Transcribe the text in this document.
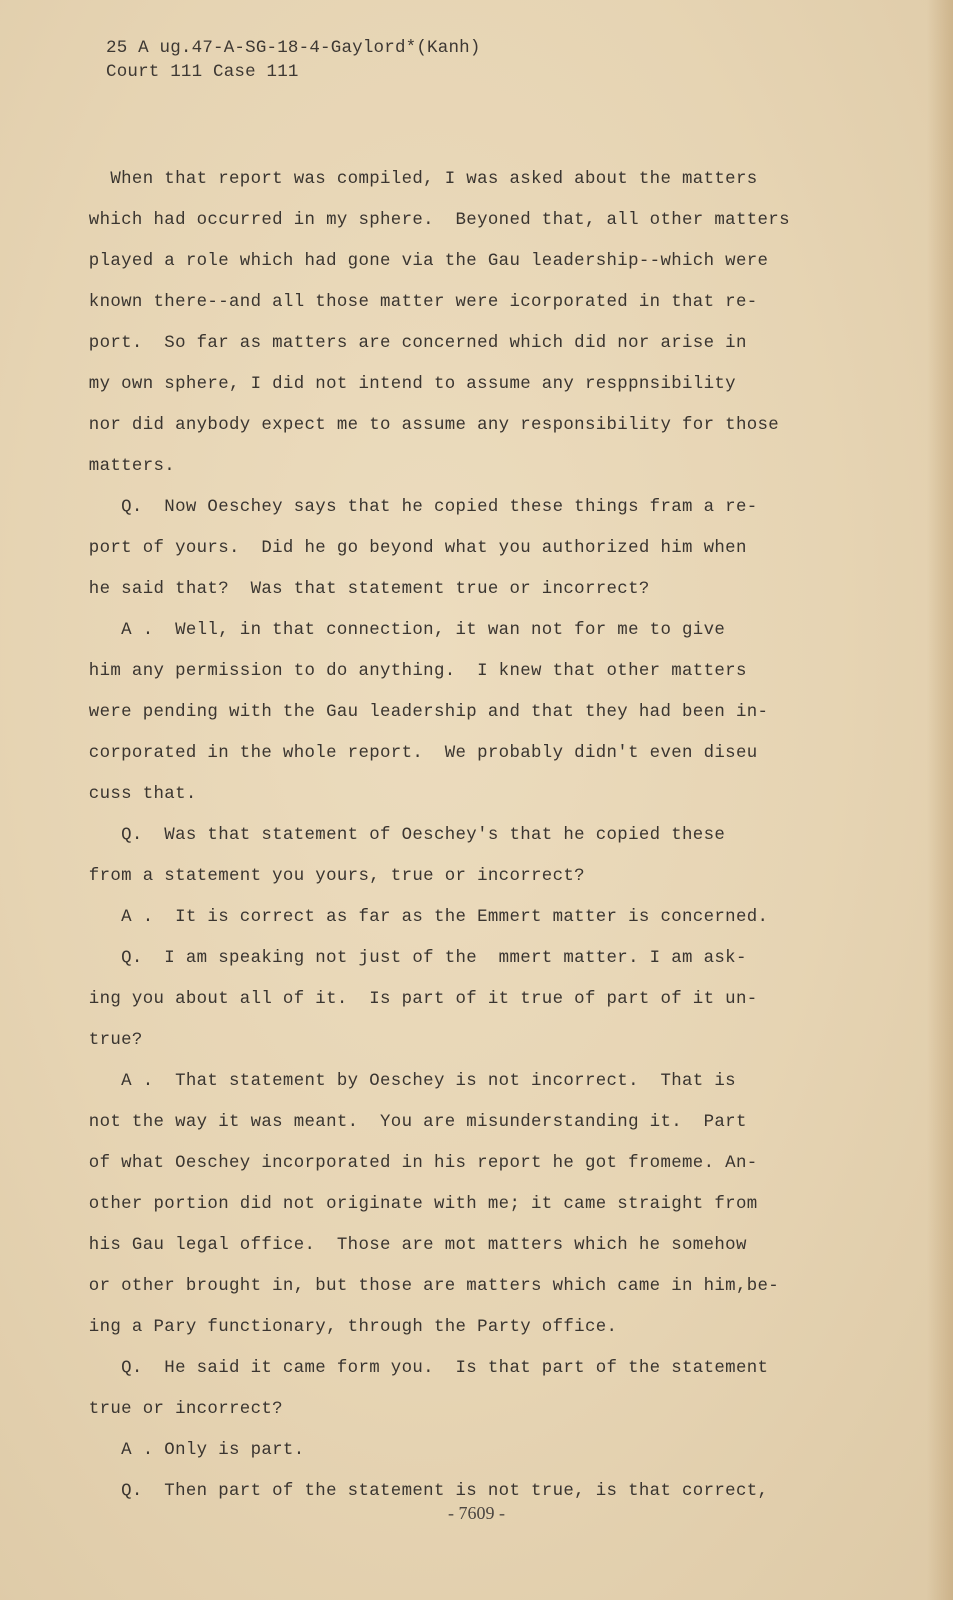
25 A ug.47-A-SG-18-4-Gaylord*(Kanh)
Court 111 Case 111
When that report was compiled, I was asked about the matters
which had occurred in my sphere.  Beyoned that, all other matters
played a role which had gone via the Gau leadership--which were
known there--and all those matter were icorporated in that re-
port.  So far as matters are concerned which did nor arise in
my own sphere, I did not intend to assume any resppnsibility
nor did anybody expect me to assume any responsibility for those
matters.
Q.  Now Oeschey says that he copied these things fram a re-
port of yours.  Did he go beyond what you authorized him when
he said that?  Was that statement true or incorrect?
A .  Well, in that connection, it wan not for me to give
him any permission to do anything.  I knew that other matters
were pending with the Gau leadership and that they had been in-
corporated in the whole report.  We probably didn't even diseu
cuss that.
Q.  Was that statement of Oeschey's that he copied these
from a statement you yours, true or incorrect?
A .  It is correct as far as the Emmert matter is concerned.
Q.  I am speaking not just of the  mmert matter. I am ask-
ing you about all of it.  Is part of it true of part of it un-
true?
A .  That statement by Oeschey is not incorrect.  That is
not the way it was meant.  You are misunderstanding it.  Part
of what Oeschey incorporated in his report he got fromeme. An-
other portion did not originate with me; it came straight from
his Gau legal office.  Those are mot matters which he somehow
or other brought in, but those are matters which came in him,be-
ing a Pary functionary, through the Party office.
Q.  He said it came form you.  Is that part of the statement
true or incorrect?
A . Only is part.
Q.  Then part of the statement is not true, is that correct,
- 7609 -
